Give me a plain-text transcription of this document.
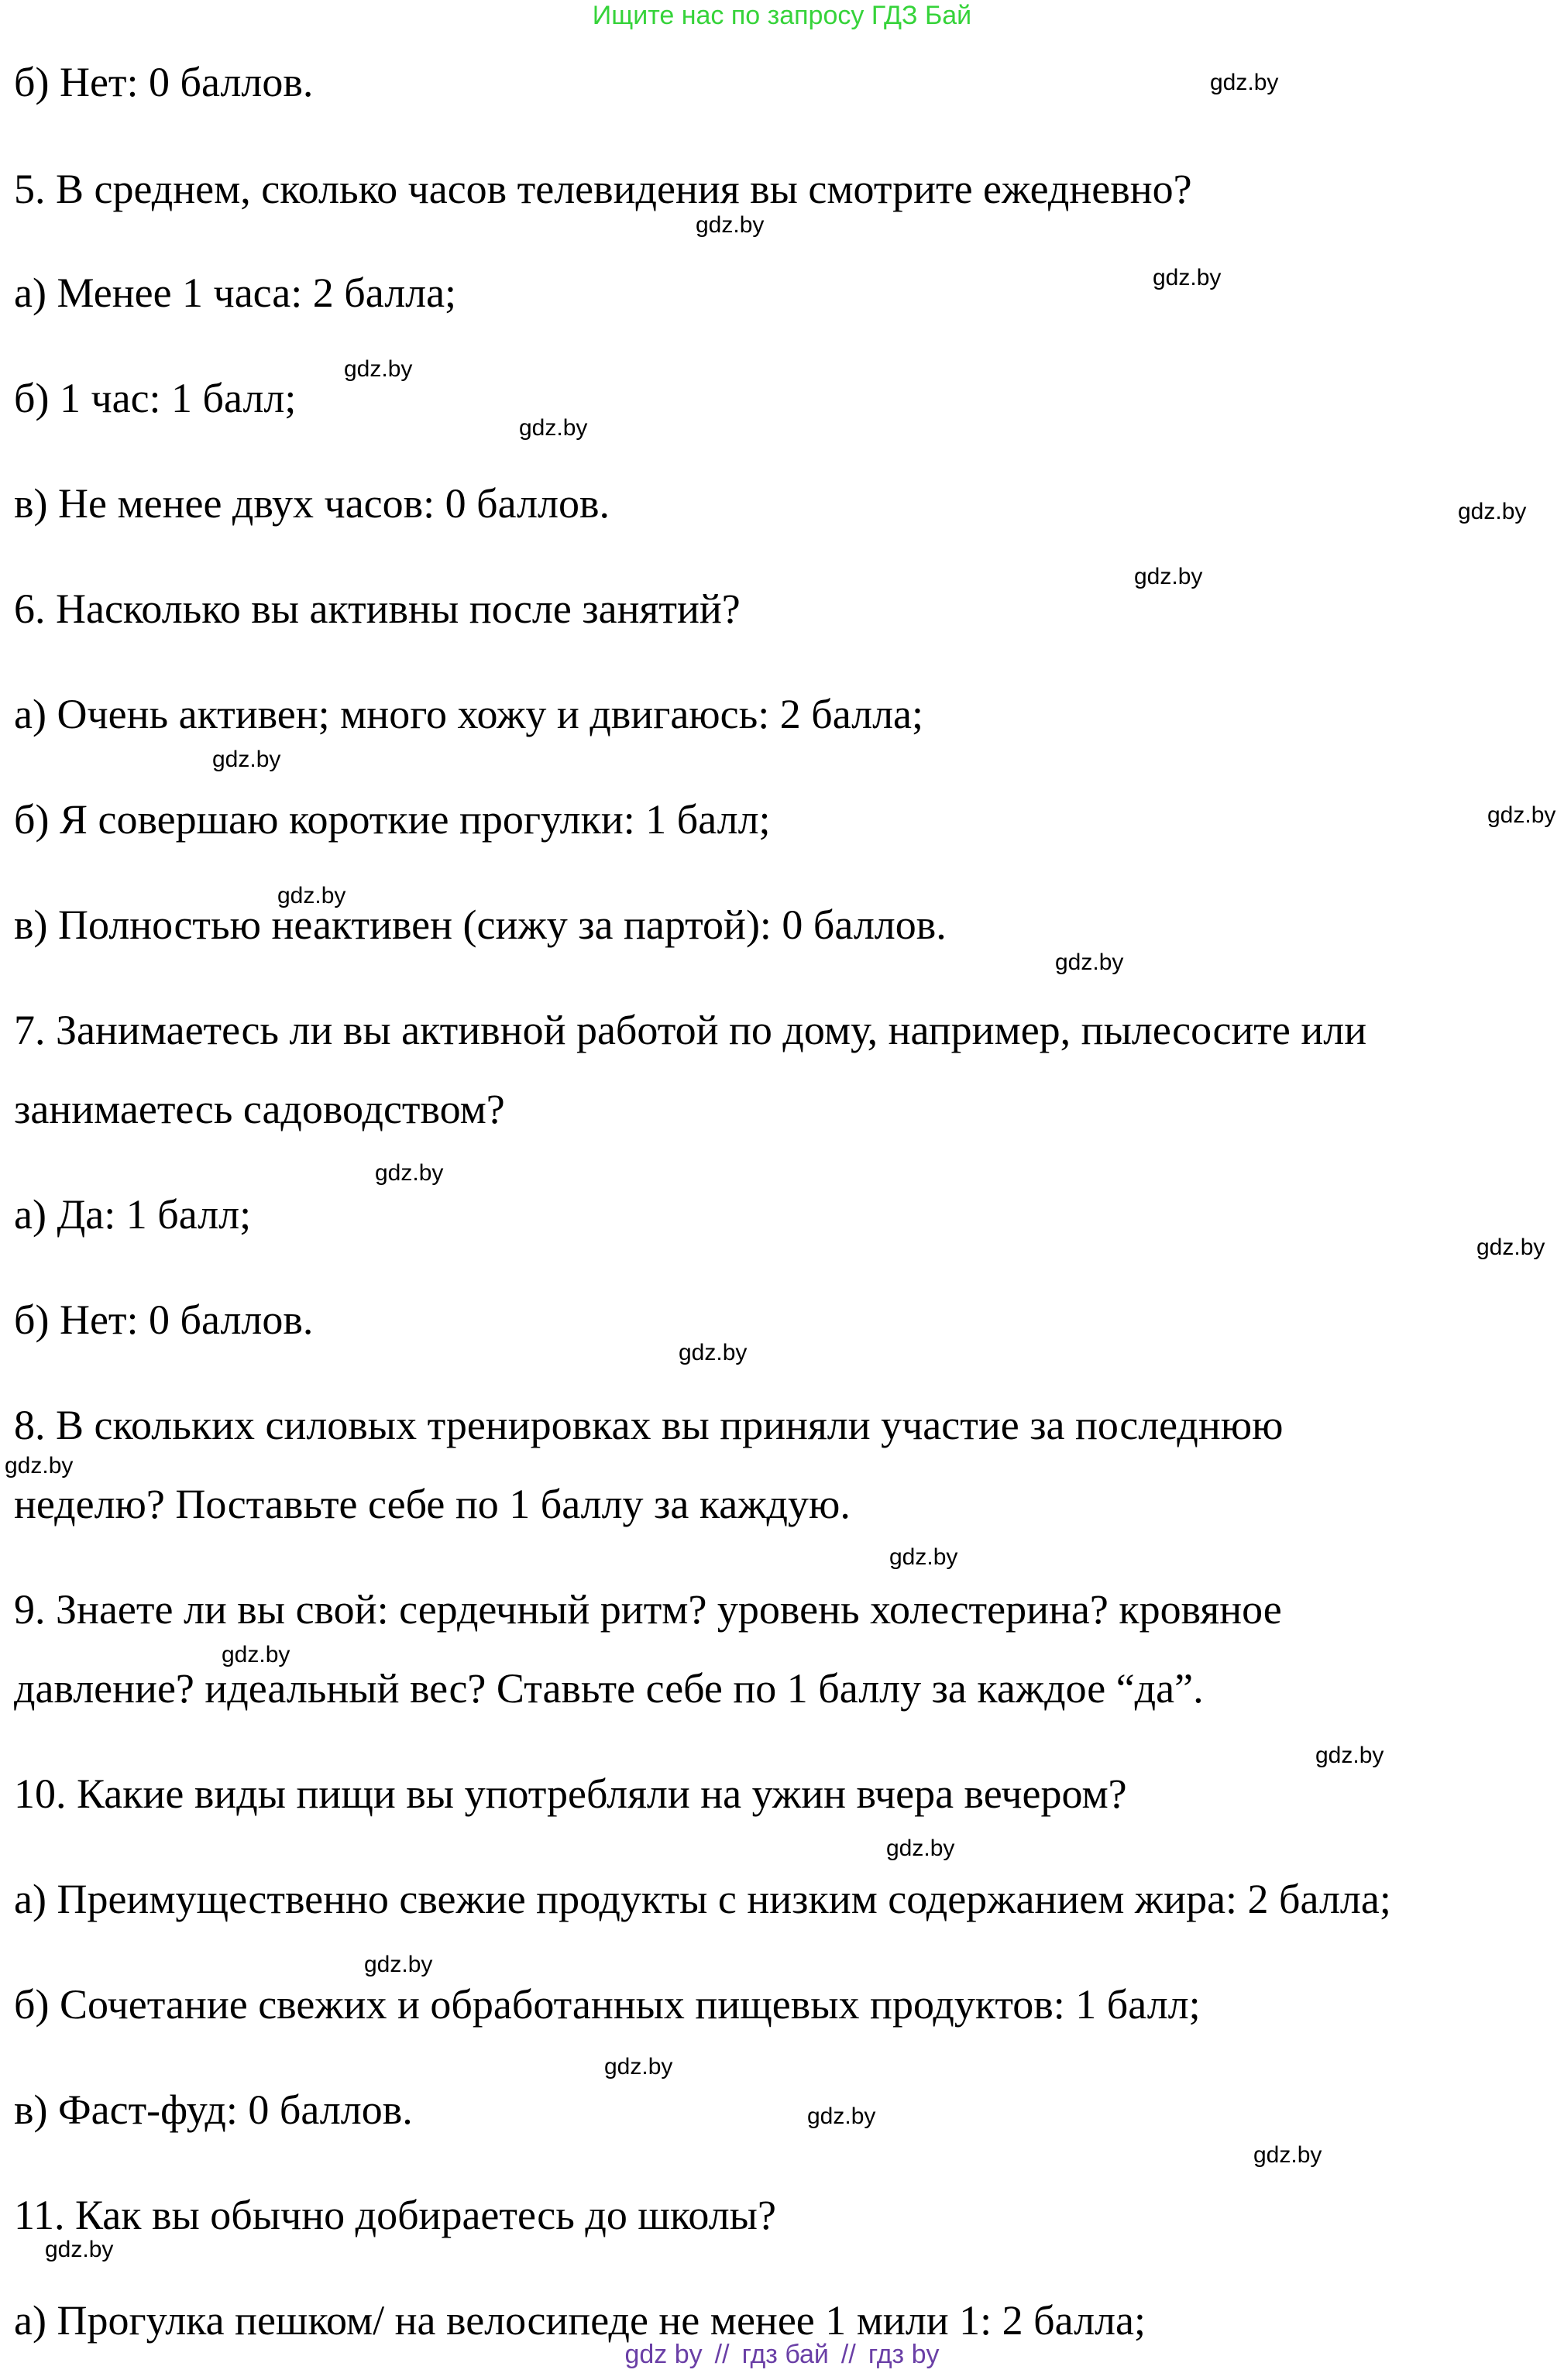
Ищите нас по запросу ГДЗ Бай
б) Нет: 0 баллов.
5. В среднем, сколько часов телевидения вы смотрите ежедневно?
а) Менее 1 часа: 2 балла;
б) 1 час: 1 балл;
в) Не менее двух часов: 0 баллов.
6. Насколько вы активны после занятий?
а) Очень активен; много хожу и двигаюсь: 2 балла;
б) Я совершаю короткие прогулки: 1 балл;
в) Полностью неактивен (сижу за партой): 0 баллов.
7. Занимаетесь ли вы активной работой по дому, например, пылесосите или
занимаетесь садоводством?
а) Да: 1 балл;
б) Нет: 0 баллов.
8. В скольких силовых тренировках вы приняли участие за последнюю
неделю? Поставьте себе по 1 баллу за каждую.
9. Знаете ли вы свой: сердечный ритм? уровень холестерина? кровяное
давление? идеальный вес? Ставьте себе по 1 баллу за каждое “да”.
10. Какие виды пищи вы употребляли на ужин вчера вечером?
а) Преимущественно свежие продукты с низким содержанием жира: 2 балла;
б) Сочетание свежих и обработанных пищевых продуктов: 1 балл;
в) Фаст-фуд: 0 баллов.
11. Как вы обычно добираетесь до школы?
а) Прогулка пешком/ на велосипеде не менее 1 мили 1: 2 балла;
gdz.by
gdz.by
gdz.by
gdz.by
gdz.by
gdz.by
gdz.by
gdz.by
gdz.by
gdz.by
gdz.by
gdz.by
gdz.by
gdz.by
gdz.by
gdz.by
gdz.by
gdz.by
gdz.by
gdz.by
gdz.by
gdz.by
gdz.by
gdz.by
gdz by // гдз бай // гдз by
